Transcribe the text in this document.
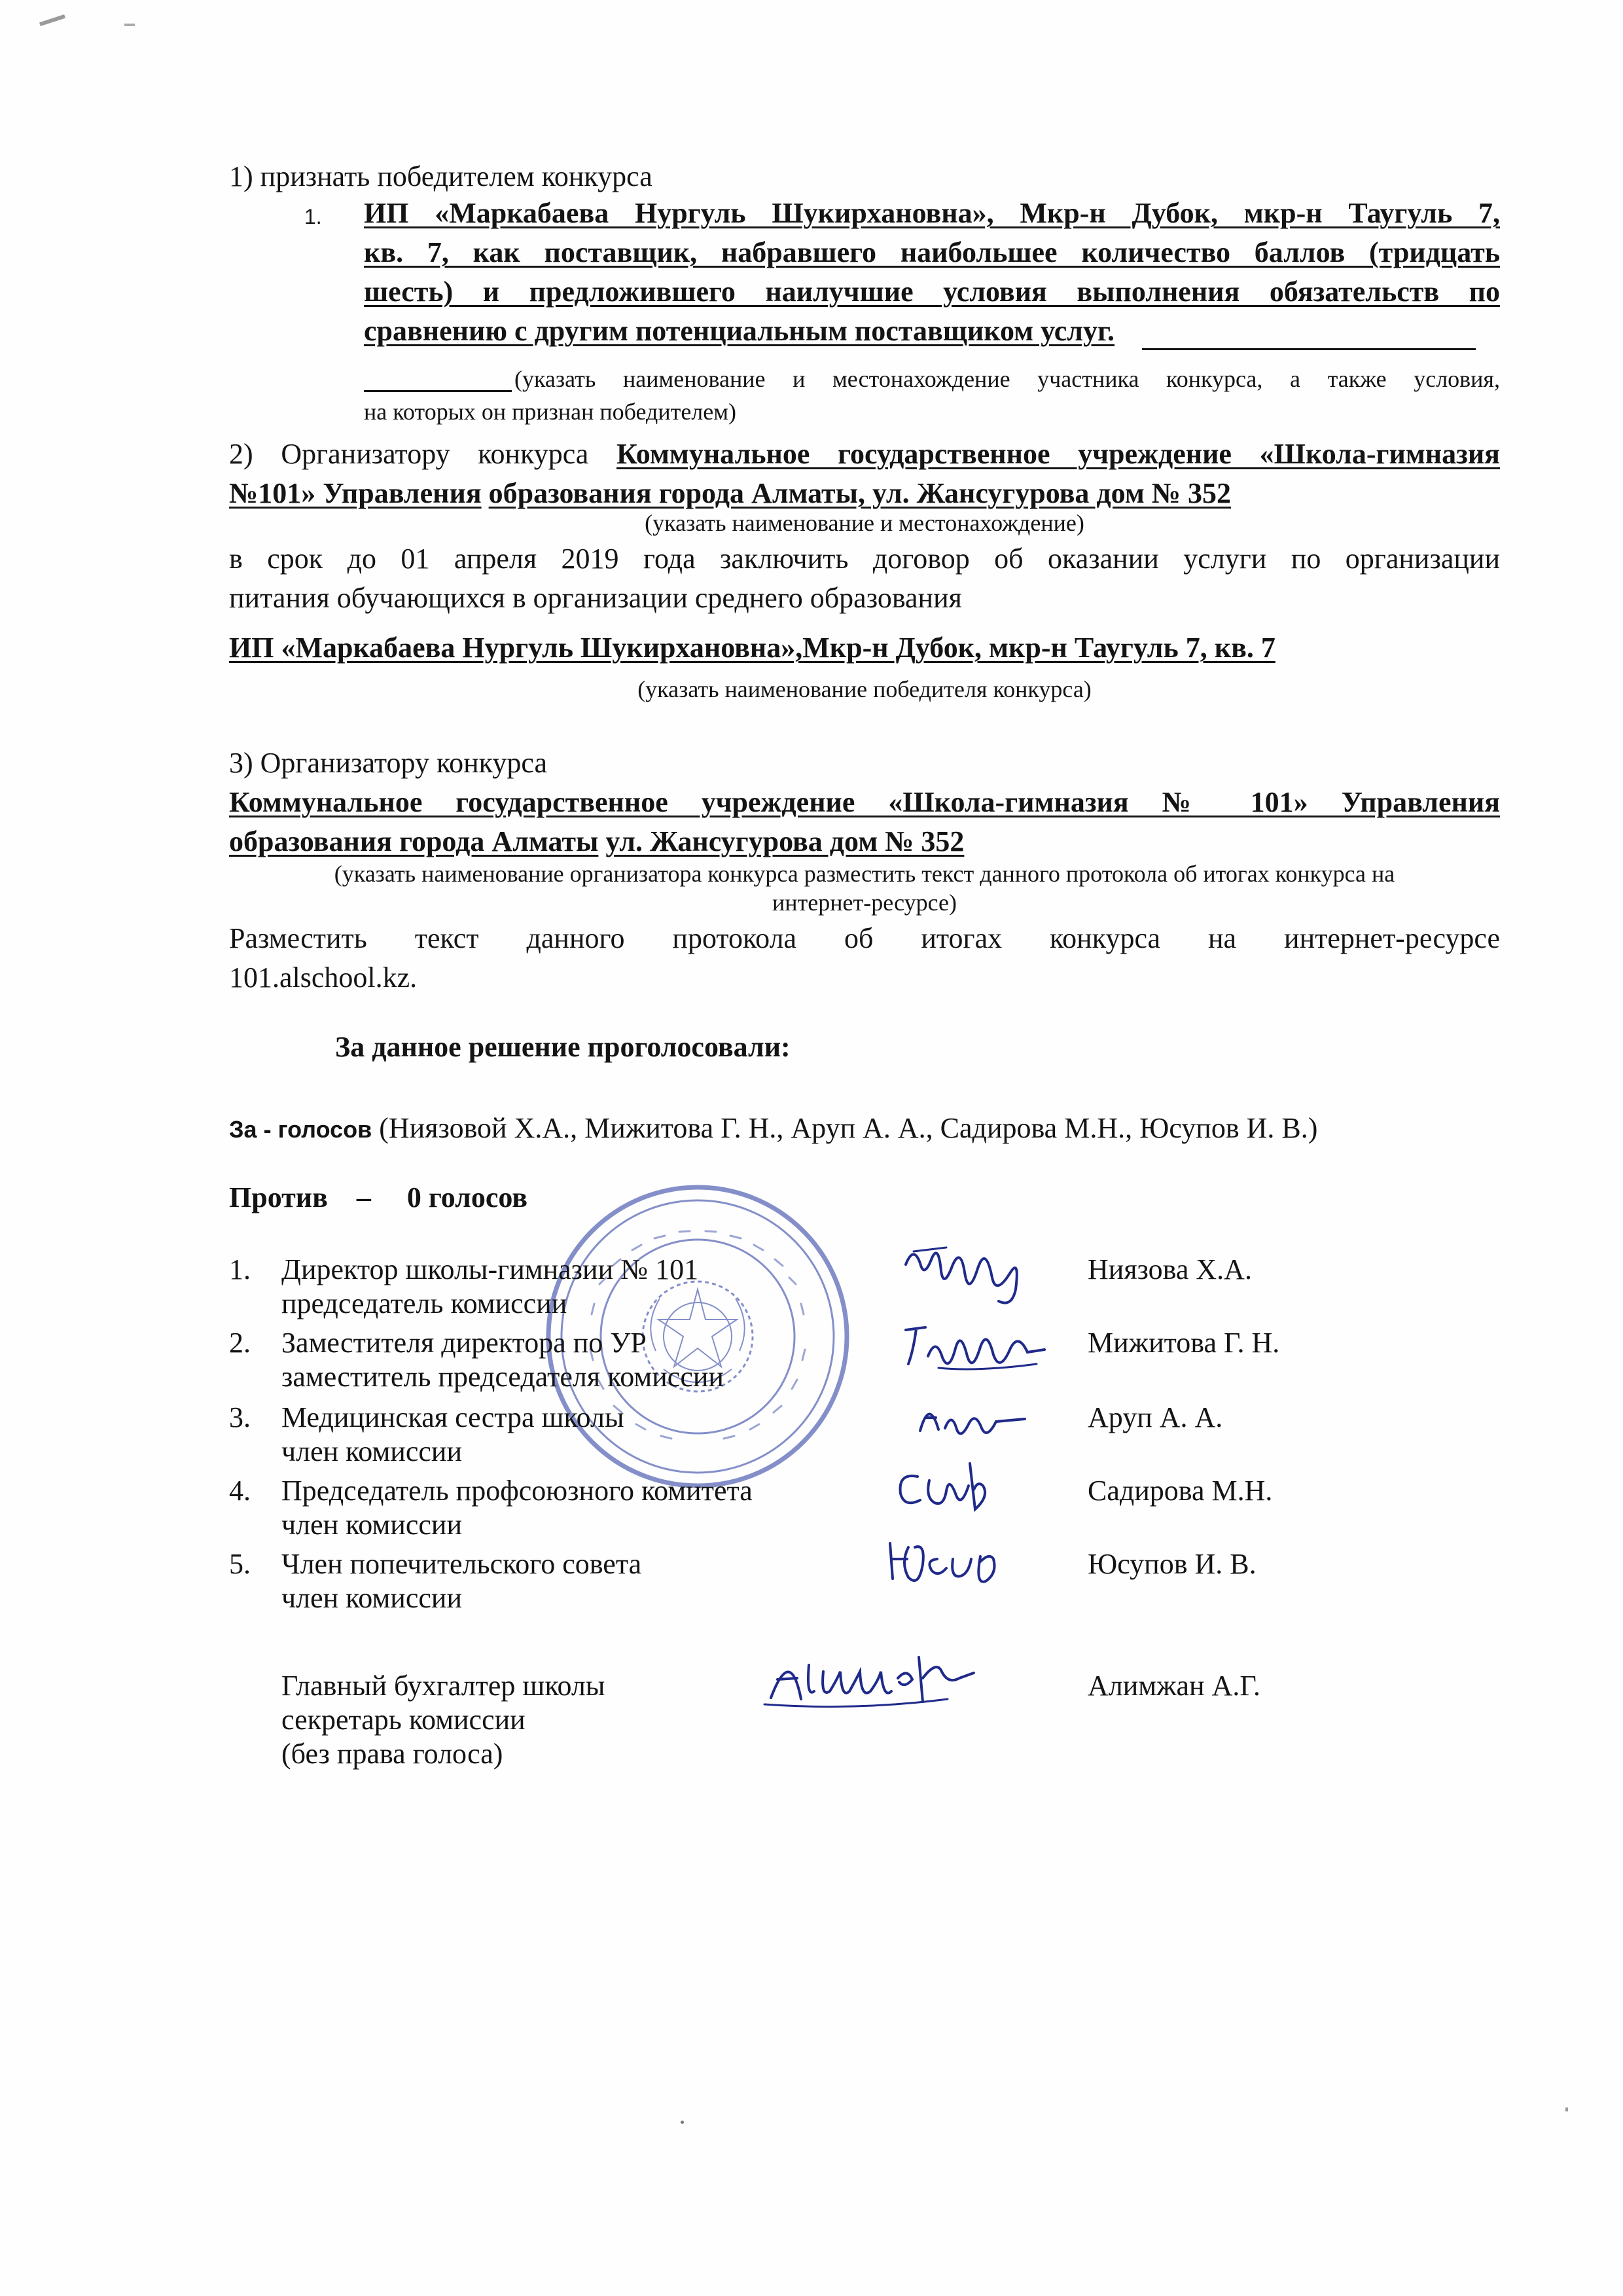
1) признать победителем конкурса

1. ИП «Маркабаева Нургуль Шукирхановна», Мкр-н Дубок, мкр-н Таугуль 7,
кв. 7, как поставщик, набравшего наибольшее количество баллов (тридцать
шесть) и предложившего наилучшие условия выполнения обязательств по
сравнению с другим потенциальным поставщиком услуг.
(указать наименование и местонахождение участника конкурса, а также условия,
на которых он признан победителем)
2) Организатору конкурса Коммунальное государственное учреждение «Школа-гимназия
№101» Управления образования города Алматы, ул. Жансугурова дом № 352
(указать наименование и местонахождение)
в срок до 01 апреля 2019 года заключить договор об оказании услуги по организации
питания обучающихся в организации среднего образования
ИП «Маркабаева Нургуль Шукирхановна»,Мкр-н Дубок, мкр-н Таугуль 7, кв. 7
(указать наименование победителя конкурса)
3) Организатору конкурса
Коммунальное государственное учреждение «Школа-гимназия № 101» Управления
образования города Алматы ул. Жансугурова дом № 352
(указать наименование организатора конкурса разместить текст данного протокола об итогах конкурса на
интернет-ресурсе)
Разместить текст данного протокола об итогах конкурса на интернет-ресурсе
101.alschool.kz.
За данное решение проголосовали:
За - голосов (Ниязовой Х.А., Мижитова Г. Н., Аруп А. А., Садирова М.Н., Юсупов И. В.)
Против    –     0 голосов
1. Директор школы-гимназии № 101
председатель комиссии
Ниязова Х.А.
2. Заместителя директора по УР
заместитель председателя комиссии
Мижитова Г. Н.
3. Медицинская сестра школы
член комиссии
Аруп А. А.
4. Председатель профсоюзного комитета
член комиссии
Садирова М.Н.
5. Член попечительского совета
член комиссии
Юсупов И. В.
Главный бухгалтер школы
секретарь комиссии
(без права голоса)
Алимжан А.Г.
